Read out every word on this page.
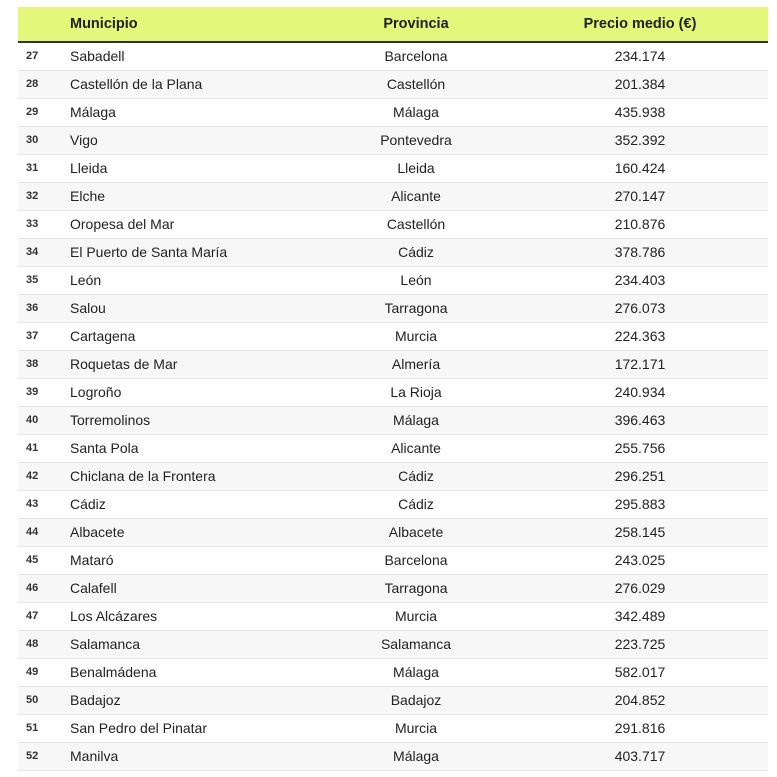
	Municipio	Provincia	Precio medio (€)
27	Sabadell	Barcelona	234.174
28	Castellón de la Plana	Castellón	201.384
29	Málaga	Málaga	435.938
30	Vigo	Pontevedra	352.392
31	Lleida	Lleida	160.424
32	Elche	Alicante	270.147
33	Oropesa del Mar	Castellón	210.876
34	El Puerto de Santa María	Cádiz	378.786
35	León	León	234.403
36	Salou	Tarragona	276.073
37	Cartagena	Murcia	224.363
38	Roquetas de Mar	Almería	172.171
39	Logroño	La Rioja	240.934
40	Torremolinos	Málaga	396.463
41	Santa Pola	Alicante	255.756
42	Chiclana de la Frontera	Cádiz	296.251
43	Cádiz	Cádiz	295.883
44	Albacete	Albacete	258.145
45	Mataró	Barcelona	243.025
46	Calafell	Tarragona	276.029
47	Los Alcázares	Murcia	342.489
48	Salamanca	Salamanca	223.725
49	Benalmádena	Málaga	582.017
50	Badajoz	Badajoz	204.852
51	San Pedro del Pinatar	Murcia	291.816
52	Manilva	Málaga	403.717
